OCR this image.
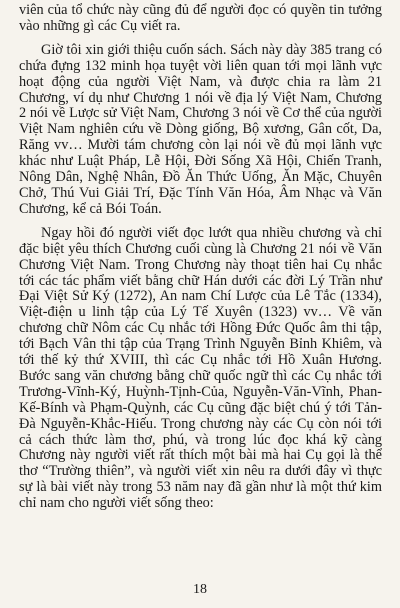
viên của tổ chức này cũng đủ để người đọc có quyền tin tưởng vào những gì các Cụ viết ra.

Giờ tôi xin giới thiệu cuốn sách. Sách này dày 385 trang có chứa đựng 132 minh họa tuyệt vời liên quan tới mọi lãnh vực hoạt động của người Việt Nam, và được chia ra làm 21 Chương, ví dụ như Chương 1 nói về địa lý Việt Nam, Chương 2 nói về Lược sử Việt Nam, Chương 3 nói về Cơ thể của người Việt Nam nghiên cứu về Dòng giống, Bộ xương, Gân cốt, Da, Răng vv… Mười tám chương còn lại nói về đủ mọi lãnh vực khác như Luật Pháp, Lễ Hội, Đời Sống Xã Hội, Chiến Tranh, Nông Dân, Nghệ Nhân, Đồ Ăn Thức Uống, Ăn Mặc, Chuyên Chở, Thú Vui Giải Trí, Đặc Tính Văn Hóa, Âm Nhạc và Văn Chương, kể cả Bói Toán.

Ngay hồi đó người viết đọc lướt qua nhiều chương và chỉ đặc biệt yêu thích Chương cuối cùng là Chương 21 nói về Văn Chương Việt Nam. Trong Chương này thoạt tiên hai Cụ nhắc tới các tác phẩm viết bằng chữ Hán dưới các đời Lý Trần như Đại Việt Sử Ký (1272), An nam Chí Lược của Lê Tắc (1334), Việt-điện u linh tập của Lý Tế Xuyên (1323) vv… Về văn chương chữ Nôm các Cụ nhắc tới Hồng Đức Quốc âm thi tập, tới Bạch Vân thi tập của Trạng Trình Nguyễn Bỉnh Khiêm, và tới thế kỷ thứ XVIII, thì các Cụ nhắc tới Hồ Xuân Hương. Bước sang văn chương bằng chữ quốc ngữ thì các Cụ nhắc tới Trương-Vĩnh-Ký, Huỳnh-Tịnh-Của, Nguyễn-Văn-Vĩnh, Phan-Kế-Bính và Phạm-Quỳnh, các Cụ cũng đặc biệt chú ý tới Tản-Đà Nguyễn-Khắc-Hiếu. Trong chương này các Cụ còn nói tới cả cách thức làm thơ, phú, và trong lúc đọc khá kỹ càng Chương này người viết rất thích một bài mà hai Cụ gọi là thể thơ “Trường thiên”, và người viết xin nêu ra dưới đây vì thực sự là bài viết này trong 53 năm nay đã gần như là một thứ kim chỉ nam cho người viết sống theo:

18
